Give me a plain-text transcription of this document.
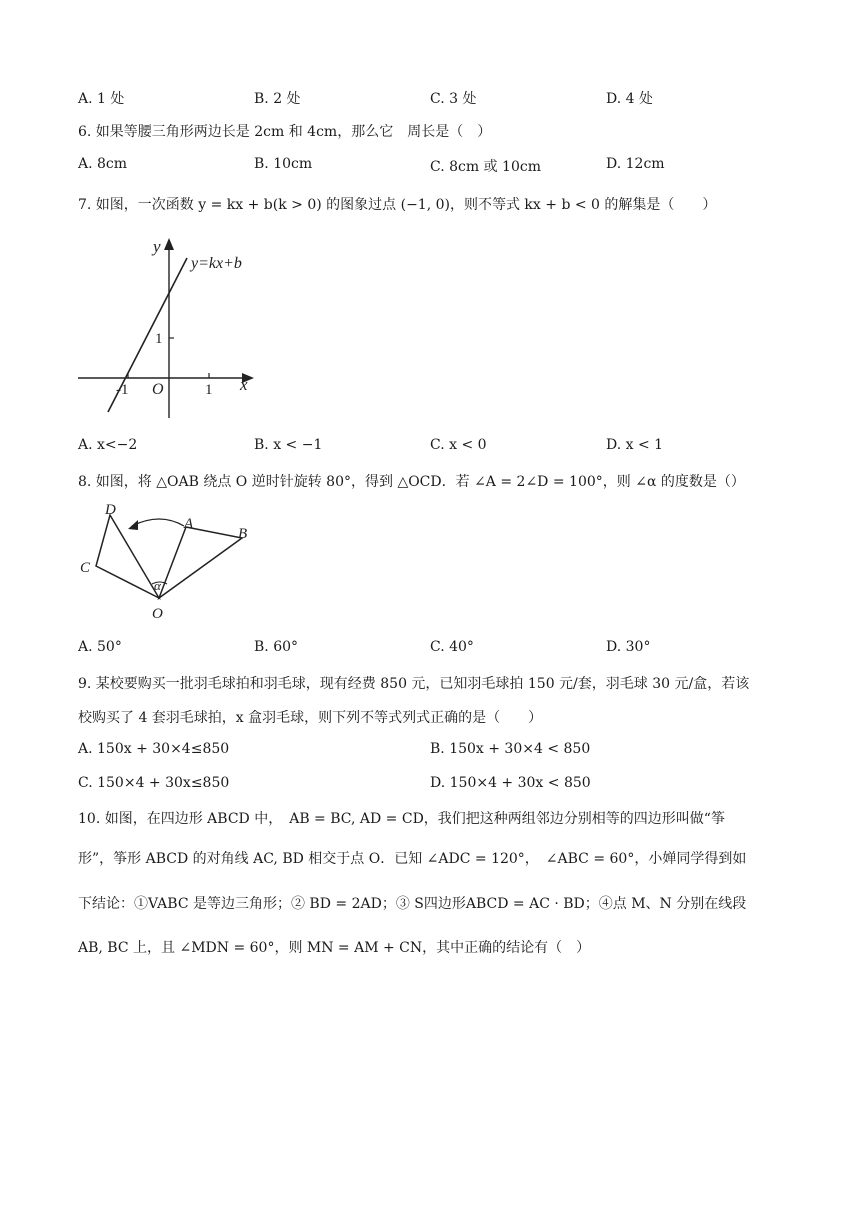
A. 1 处	B. 2 处	C. 3 处	D. 4 处
6. 如果等腰三角形两边长是 2cm 和 4cm，那么它　周长是（　）
A. 8cm	B. 10cm	C. 8cm 或 10cm	D. 12cm
7. 如图，一次函数 y = kx + b(k > 0) 的图象过点 (−1, 0)，则不等式 kx + b < 0 的解集是（　　）
y
y=kx+b
1
-1 O	1 x
A. x<−2	B. x < −1	C. x < 0	D. x < 1
8. 如图，将 △OAB 绕点 O 逆时针旋转 80°，得到 △OCD．若 ∠A = 2∠D = 100°，则 ∠α 的度数是（）
D
A
B
C
α
O
A. 50°	B. 60°	C. 40°	D. 30°
9. 某校要购买一批羽毛球拍和羽毛球，现有经费 850 元，已知羽毛球拍 150 元/套，羽毛球 30 元/盒，若该
校购买了 4 套羽毛球拍，x 盒羽毛球，则下列不等式列式正确的是（　　）
A. 150x + 30×4≤850	B. 150x + 30×4 < 850
C. 150×4 + 30x≤850	D. 150×4 + 30x < 850
10. 如图，在四边形 ABCD 中，　AB = BC, AD = CD，我们把这种两组邻边分别相等的四边形叫做“筝
形”，筝形 ABCD 的对角线 AC, BD 相交于点 O．已知 ∠ADC = 120°，　∠ABC = 60°，小婵同学得到如
下结论：①VABC 是等边三角形；② BD = 2AD；③ S四边形ABCD = AC · BD；④点 M、N 分别在线段
AB, BC 上，且 ∠MDN = 60°，则 MN = AM + CN，其中正确的结论有（　）
